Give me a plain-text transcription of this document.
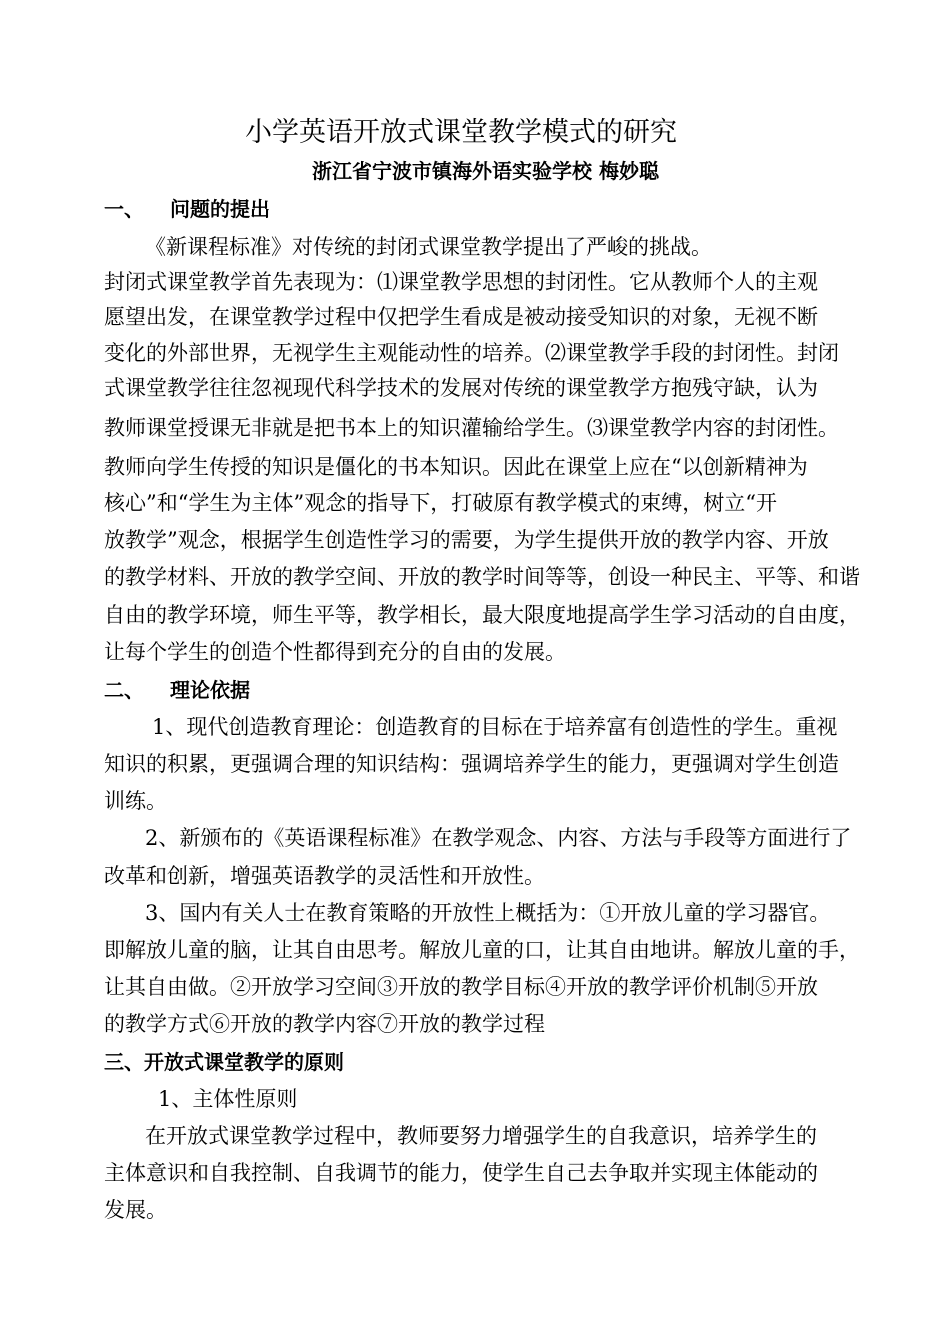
小学英语开放式课堂教学模式的研究
浙江省宁波市镇海外语实验学校 梅妙聪
一、 问题的提出
《新课程标准》对传统的封闭式课堂教学提出了严峻的挑战。
封闭式课堂教学首先表现为：⑴课堂教学思想的封闭性。它从教师个人的主观
愿望出发，在课堂教学过程中仅把学生看成是被动接受知识的对象，无视不断
变化的外部世界，无视学生主观能动性的培养。⑵课堂教学手段的封闭性。封闭
式课堂教学往往忽视现代科学技术的发展对传统的课堂教学方抱残守缺，认为
教师课堂授课无非就是把书本上的知识灌输给学生。⑶课堂教学内容的封闭性。
教师向学生传授的知识是僵化的书本知识。因此在课堂上应在“以创新精神为
核心”和“学生为主体”观念的指导下，打破原有教学模式的束缚，树立“开
放教学”观念，根据学生创造性学习的需要，为学生提供开放的教学内容、开放
的教学材料、开放的教学空间、开放的教学时间等等，创设一种民主、平等、和谐
自由的教学环境，师生平等，教学相长，最大限度地提高学生学习活动的自由度，
让每个学生的创造个性都得到充分的自由的发展。
二、 理论依据
1、现代创造教育理论：创造教育的目标在于培养富有创造性的学生。重视
知识的积累，更强调合理的知识结构：强调培养学生的能力，更强调对学生创造
训练。
2、新颁布的《英语课程标准》在教学观念、内容、方法与手段等方面进行了
改革和创新，增强英语教学的灵活性和开放性。
3、国内有关人士在教育策略的开放性上概括为：①开放儿童的学习器官。
即解放儿童的脑，让其自由思考。解放儿童的口，让其自由地讲。解放儿童的手，
让其自由做。②开放学习空间③开放的教学目标④开放的教学评价机制⑤开放
的教学方式⑥开放的教学内容⑦开放的教学过程
三、开放式课堂教学的原则
1、主体性原则
在开放式课堂教学过程中，教师要努力增强学生的自我意识，培养学生的
主体意识和自我控制、自我调节的能力，使学生自己去争取并实现主体能动的
发展。
